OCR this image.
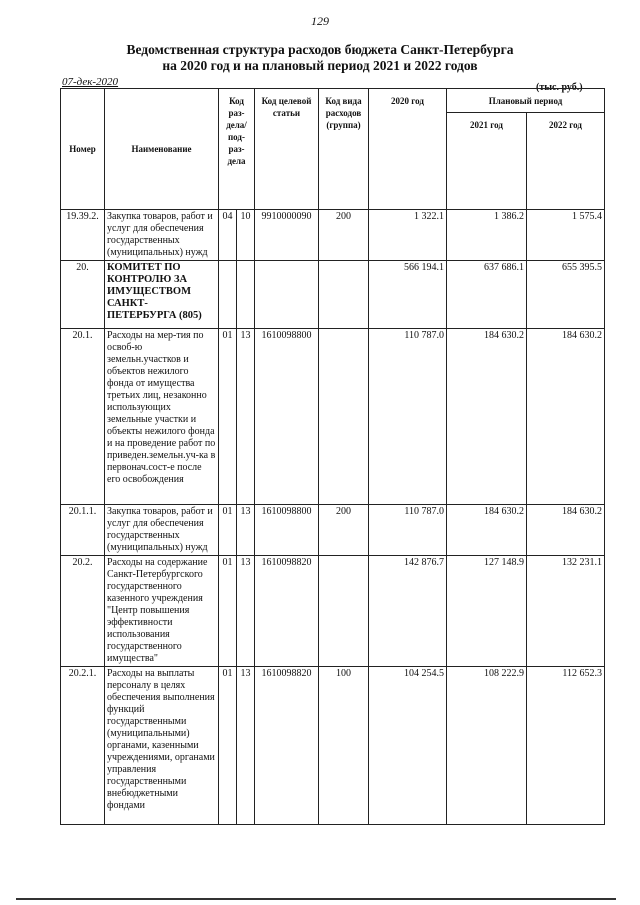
129
Ведомственная структура расходов бюджета Санкт-Петербурга
на 2020 год и на плановый период 2021 и 2022 годов
07-дек-2020	(тыс. руб.)
Номер	Наименование	Код раз-дела/ под-раз-дела		Код целевой статьи	Код вида расходов (группа)	2020 год	Плановый период	
							2021 год	2022 год
19.39.2.	Закупка товаров, работ и услуг для обеспечения государственных (муниципальных) нужд	04	10	9910000090	200	1 322.1	1 386.2	1 575.4
20.	КОМИТЕТ ПО КОНТРОЛЮ ЗА ИМУЩЕСТВОМ САНКТ-ПЕТЕРБУРГА (805)					566 194.1	637 686.1	655 395.5
20.1.	Расходы на мер-тия по освоб-ю земельн.участков и объектов нежилого фонда от имущества третьих лиц, незаконно использующих земельные участки и объекты нежилого фонда и на проведение работ по приведен.земельн.уч-ка в первонач.сост-е после его освобождения	01	13	1610098800		110 787.0	184 630.2	184 630.2
20.1.1.	Закупка товаров, работ и услуг для обеспечения государственных (муниципальных) нужд	01	13	1610098800	200	110 787.0	184 630.2	184 630.2
20.2.	Расходы на содержание Санкт-Петербургского государственного казенного учреждения "Центр повышения эффективности использования государственного имущества"	01	13	1610098820		142 876.7	127 148.9	132 231.1
20.2.1.	Расходы на выплаты персоналу в целях обеспечения выполнения функций государственными (муниципальными) органами, казенными учреждениями, органами управления государственными внебюджетными фондами	01	13	1610098820	100	104 254.5	108 222.9	112 652.3
